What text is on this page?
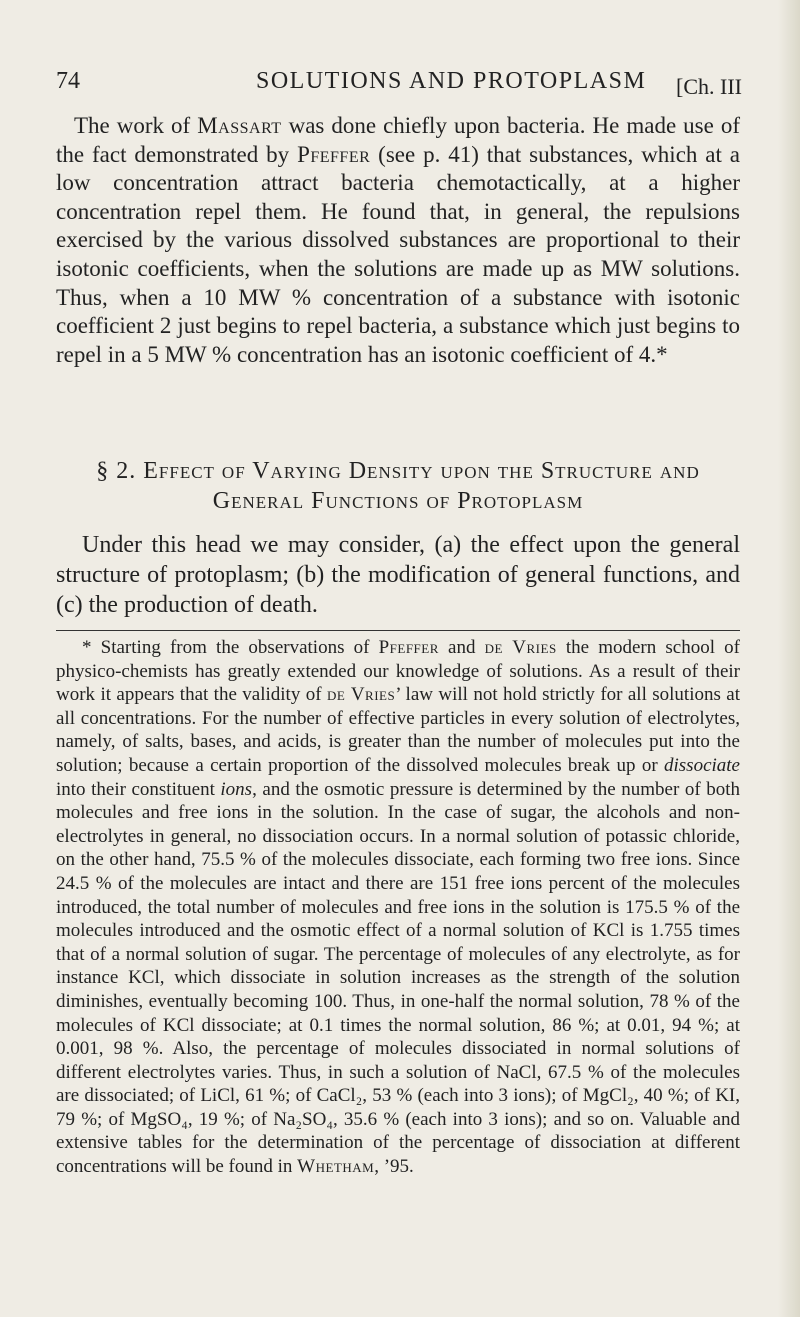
74	SOLUTIONS AND PROTOPLASM [Ch. III

The work of Massart was done chiefly upon bacteria. He made use of the fact demonstrated by Pfeffer (see p. 41) that substances, which at a low concentration attract bacteria chemotactically, at a higher concentration repel them. He found that, in general, the repulsions exercised by the various dissolved substances are proportional to their isotonic coefficients, when the solutions are made up as MW solutions. Thus, when a 10 MW % concentration of a substance with isotonic coefficient 2 just begins to repel bacteria, a substance which just begins to repel in a 5 MW % concentration has an isotonic coefficient of 4.*

§ 2. Effect of Varying Density upon the Structure and General Functions of Protoplasm

Under this head we may consider, (a) the effect upon the general structure of protoplasm; (b) the modification of general functions, and (c) the production of death.

* Starting from the observations of Pfeffer and de Vries the modern school of physico-chemists has greatly extended our knowledge of solutions. As a result of their work it appears that the validity of de Vries’ law will not hold strictly for all solutions at all concentrations. For the number of effective particles in every solution of electrolytes, namely, of salts, bases, and acids, is greater than the number of molecules put into the solution; because a certain proportion of the dissolved molecules break up or dissociate into their constituent ions, and the osmotic pressure is determined by the number of both molecules and free ions in the solution. In the case of sugar, the alcohols and non-electrolytes in general, no dissociation occurs. In a normal solution of potassic chloride, on the other hand, 75.5 % of the molecules dissociate, each forming two free ions. Since 24.5 % of the molecules are intact and there are 151 free ions percent of the molecules introduced, the total number of molecules and free ions in the solution is 175.5 % of the molecules introduced and the osmotic effect of a normal solution of KCl is 1.755 times that of a normal solution of sugar. The percentage of molecules of any electrolyte, as for instance KCl, which dissociate in solution increases as the strength of the solution diminishes, eventually becoming 100. Thus, in one-half the normal solution, 78 % of the molecules of KCl dissociate; at 0.1 times the normal solution, 86 %; at 0.01, 94 %; at 0.001, 98 %. Also, the percentage of molecules dissociated in normal solutions of different electrolytes varies. Thus, in such a solution of NaCl, 67.5 % of the molecules are dissociated; of LiCl, 61 %; of CaCl₂, 53 % (each into 3 ions); of MgCl₂, 40 %; of KI, 79 %; of MgSO₄, 19 %; of Na₂SO₄, 35.6 % (each into 3 ions); and so on. Valuable and extensive tables for the determination of the percentage of dissociation at different concentrations will be found in Whetham, ’95.
